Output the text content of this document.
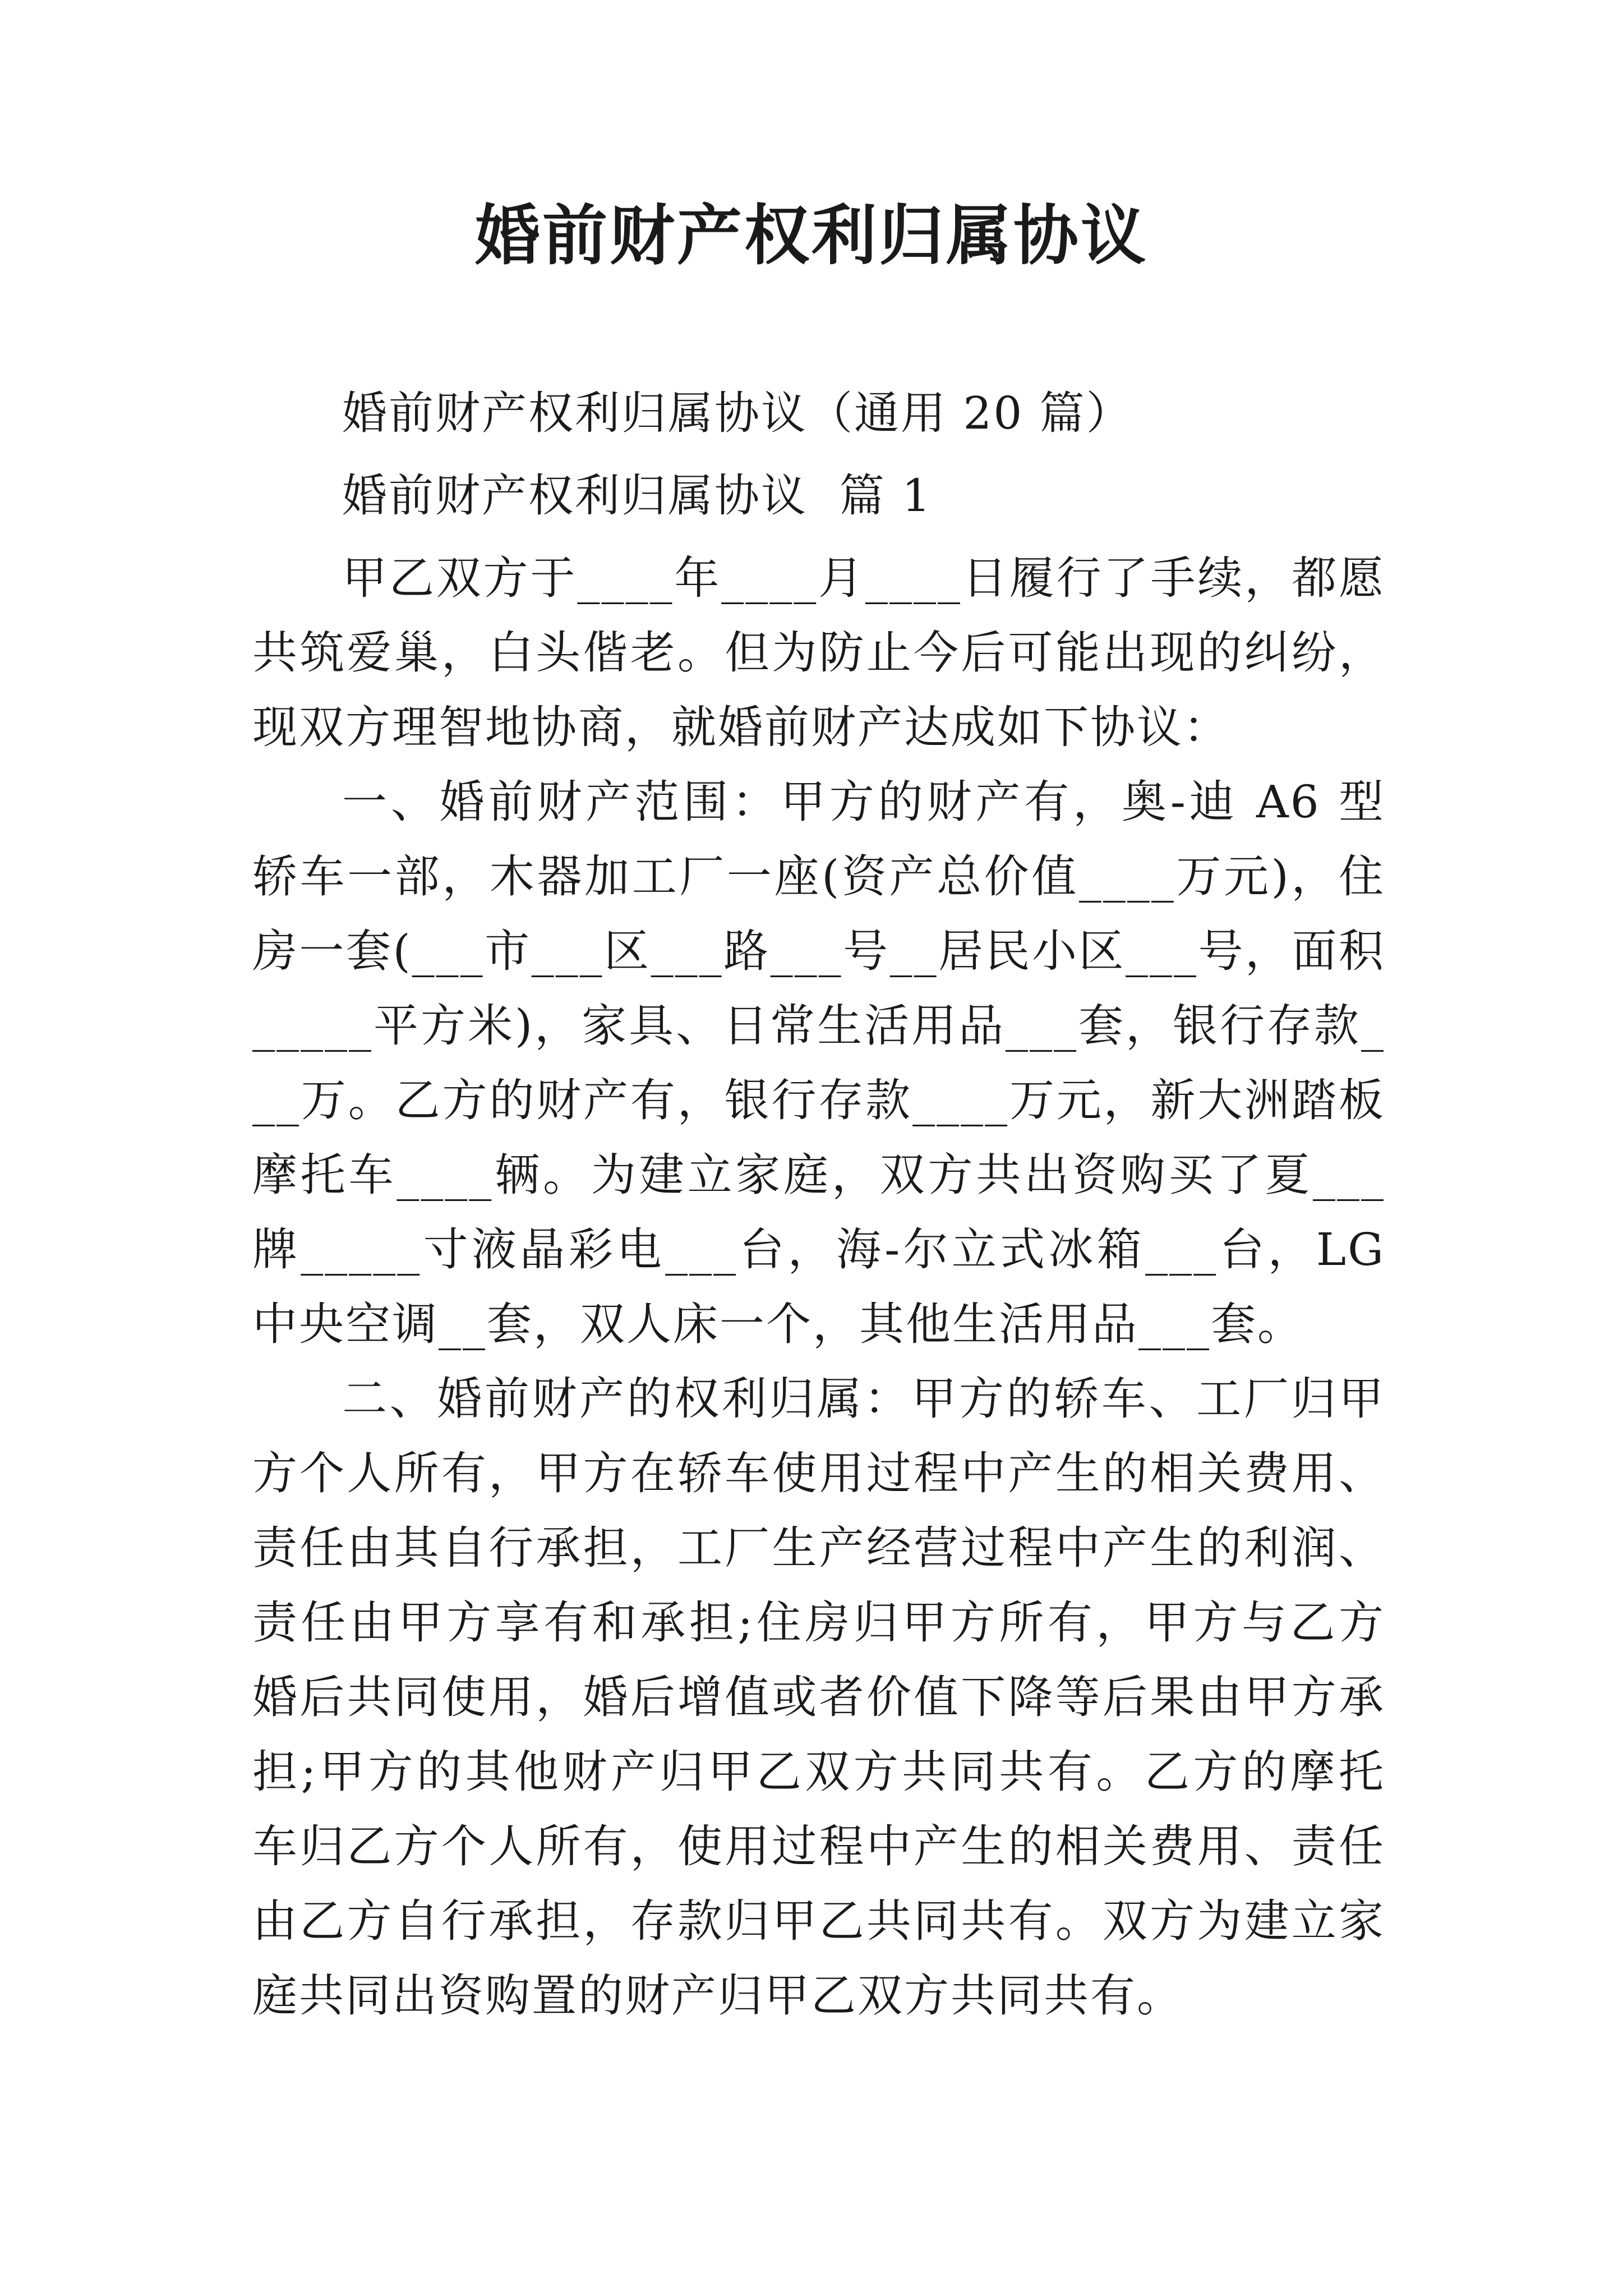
婚前财产权利归属协议

婚前财产权利归属协议（通用 20 篇）

婚前财产权利归属协议  篇 1

甲乙双方于____年____月____日履行了手续，都愿共筑爱巢，白头偕老。但为防止今后可能出现的纠纷，现双方理智地协商，就婚前财产达成如下协议：

一、婚前财产范围：甲方的财产有，奥-迪 A6 型轿车一部，木器加工厂一座(资产总价值____万元)，住房一套(___市___区___路___号__居民小区___号，面积_____平方米)，家具、日常生活用品___套，银行存款___万。乙方的财产有，银行存款____万元，新大洲踏板摩托车____辆。为建立家庭，双方共出资购买了夏___牌_____寸液晶彩电___台，海-尔立式冰箱___台，LG 中央空调__套，双人床一个，其他生活用品___套。

二、婚前财产的权利归属：甲方的轿车、工厂归甲方个人所有，甲方在轿车使用过程中产生的相关费用、责任由其自行承担，工厂生产经营过程中产生的利润、责任由甲方享有和承担;住房归甲方所有，甲方与乙方婚后共同使用，婚后增值或者价值下降等后果由甲方承担;甲方的其他财产归甲乙双方共同共有。乙方的摩托车归乙方个人所有，使用过程中产生的相关费用、责任由乙方自行承担，存款归甲乙共同共有。双方为建立家庭共同出资购置的财产归甲乙双方共同共有。
